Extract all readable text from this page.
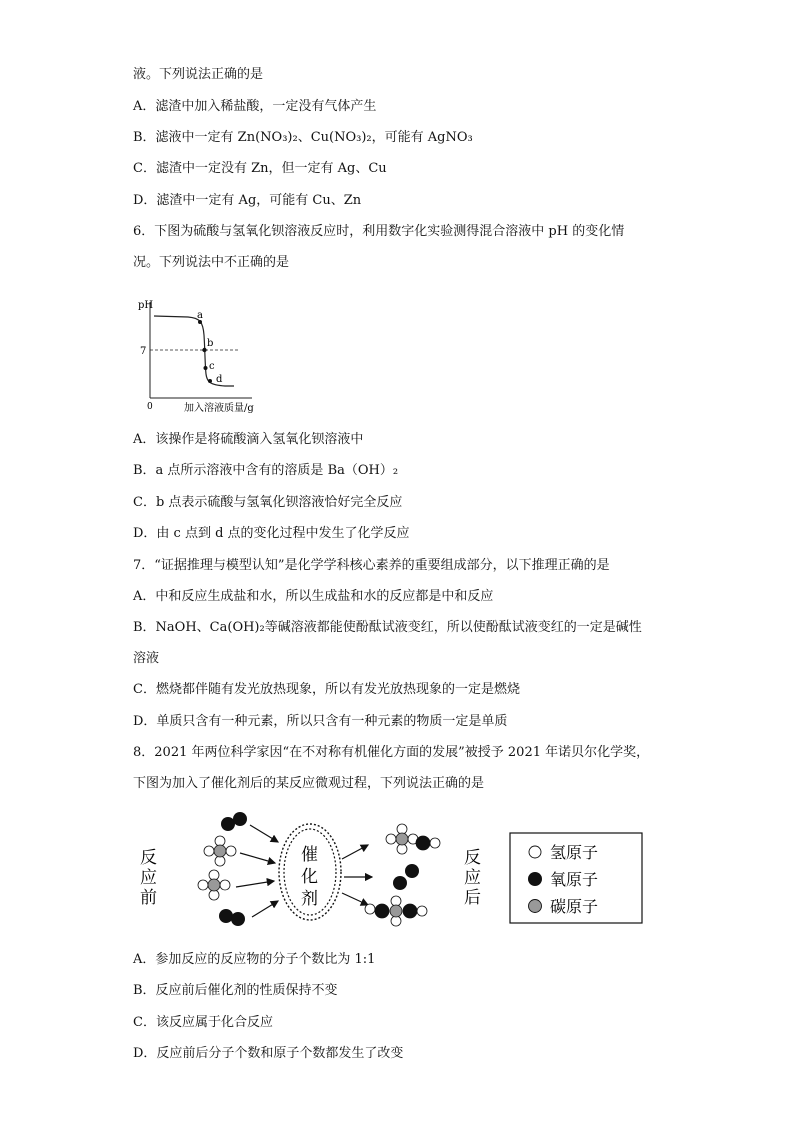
液。下列说法正确的是
A．滤渣中加入稀盐酸，一定没有气体产生
B．滤液中一定有 Zn(NO₃)₂、Cu(NO₃)₂，可能有 AgNO₃
C．滤渣中一定没有 Zn，但一定有 Ag、Cu
D．滤渣中一定有 Ag，可能有 Cu、Zn
6．下图为硫酸与氢氧化钡溶液反应时，利用数字化实验测得混合溶液中 pH 的变化情
况。下列说法中不正确的是
pH
7
0	加入溶液质量/g
a
b
c
d
A．该操作是将硫酸滴入氢氧化钡溶液中
B．a 点所示溶液中含有的溶质是 Ba（OH）₂
C．b 点表示硫酸与氢氧化钡溶液恰好完全反应
D．由 c 点到 d 点的变化过程中发生了化学反应
7．“证据推理与模型认知”是化学学科核心素养的重要组成部分，以下推理正确的是
A．中和反应生成盐和水，所以生成盐和水的反应都是中和反应
B．NaOH、Ca(OH)₂等碱溶液都能使酚酞试液变红，所以使酚酞试液变红的一定是碱性
溶液
C．燃烧都伴随有发光放热现象，所以有发光放热现象的一定是燃烧
D．单质只含有一种元素，所以只含有一种元素的物质一定是单质
8．2021 年两位科学家因“在不对称有机催化方面的发展”被授予 2021 年诺贝尔化学奖，
下图为加入了催化剂后的某反应微观过程，下列说法正确的是
反
应
前
催
化
剂
反
应
后
氢原子
氧原子
碳原子
A．参加反应的反应物的分子个数比为 1:1
B．反应前后催化剂的性质保持不变
C．该反应属于化合反应
D．反应前后分子个数和原子个数都发生了改变
